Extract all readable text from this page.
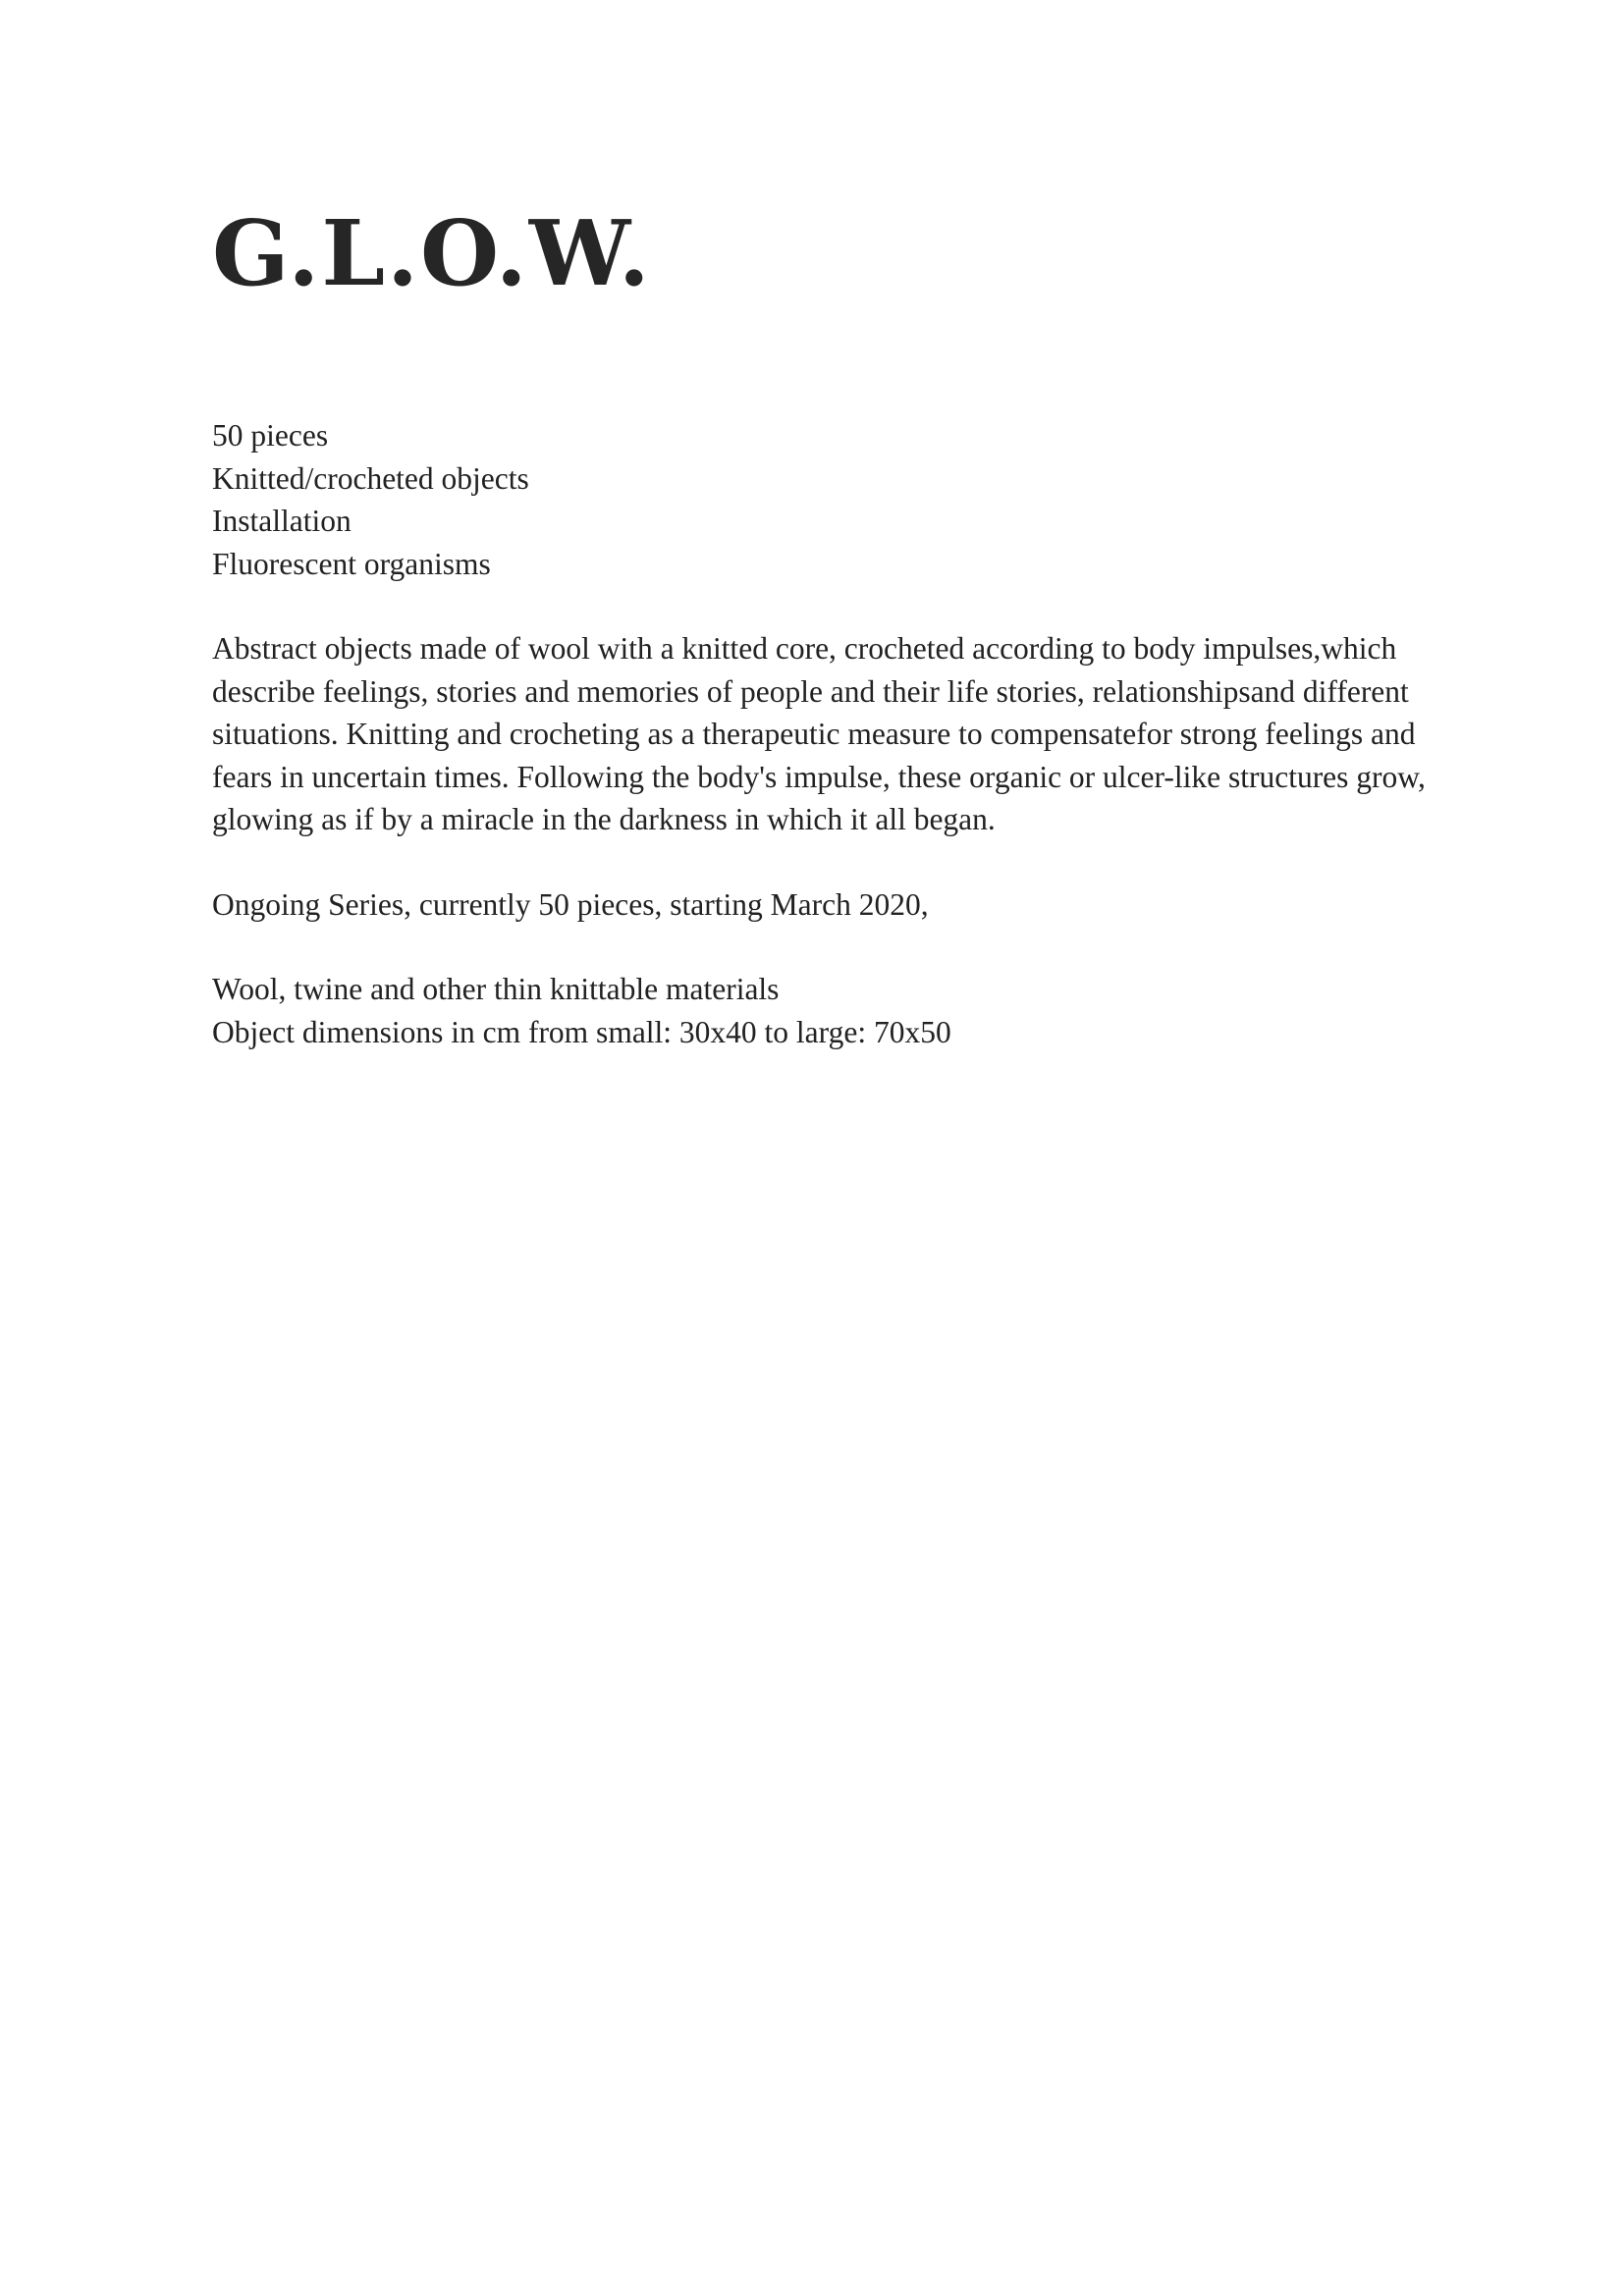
G.L.O.W.

50 pieces

Knitted/crocheted objects

Installation

Fluorescent organisms

Abstract objects made of wool with a knitted core, crocheted according to body impulses,which describe feelings, stories and memories of people and their life stories, relationshipsand different situations. Knitting and crocheting as a therapeutic measure to compensatefor strong feelings and fears in uncertain times. Following the body's impulse, these organic or ulcer-like structures grow, glowing as if by a miracle in the darkness in which it all began.

Ongoing Series, currently 50 pieces, starting March 2020,

Wool, twine and other thin knittable materials

Object dimensions in cm from small: 30x40 to large: 70x50
